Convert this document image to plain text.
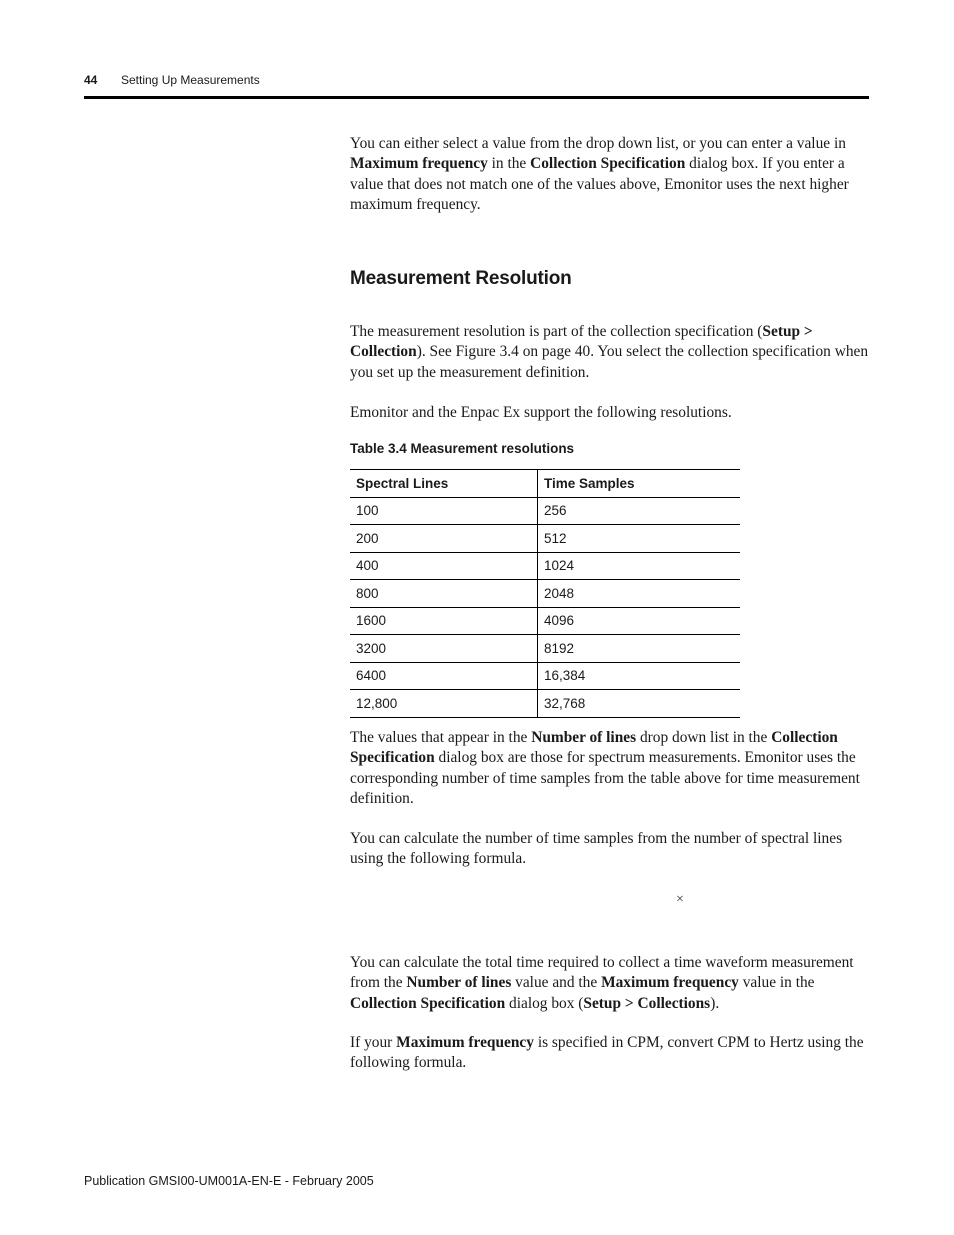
44 Setting Up Measurements

You can either select a value from the drop down list, or you can enter a value in Maximum frequency in the Collection Specification dialog box. If you enter a value that does not match one of the values above, Emonitor uses the next higher maximum frequency.

Measurement Resolution

The measurement resolution is part of the collection specification (Setup > Collection). See Figure 3.4 on page 40. You select the collection specification when you set up the measurement definition.

Emonitor and the Enpac Ex support the following resolutions.

Table 3.4 Measurement resolutions
Spectral Lines	Time Samples
100	256
200	512
400	1024
800	2048
1600	4096
3200	8192
6400	16,384
12,800	32,768

The values that appear in the Number of lines drop down list in the Collection Specification dialog box are those for spectrum measurements. Emonitor uses the corresponding number of time samples from the table above for time measurement definition.

You can calculate the number of time samples from the number of spectral lines using the following formula.

×

You can calculate the total time required to collect a time waveform measurement from the Number of lines value and the Maximum frequency value in the Collection Specification dialog box (Setup > Collections).

If your Maximum frequency is specified in CPM, convert CPM to Hertz using the following formula.

Publication GMSI00-UM001A-EN-E - February 2005
